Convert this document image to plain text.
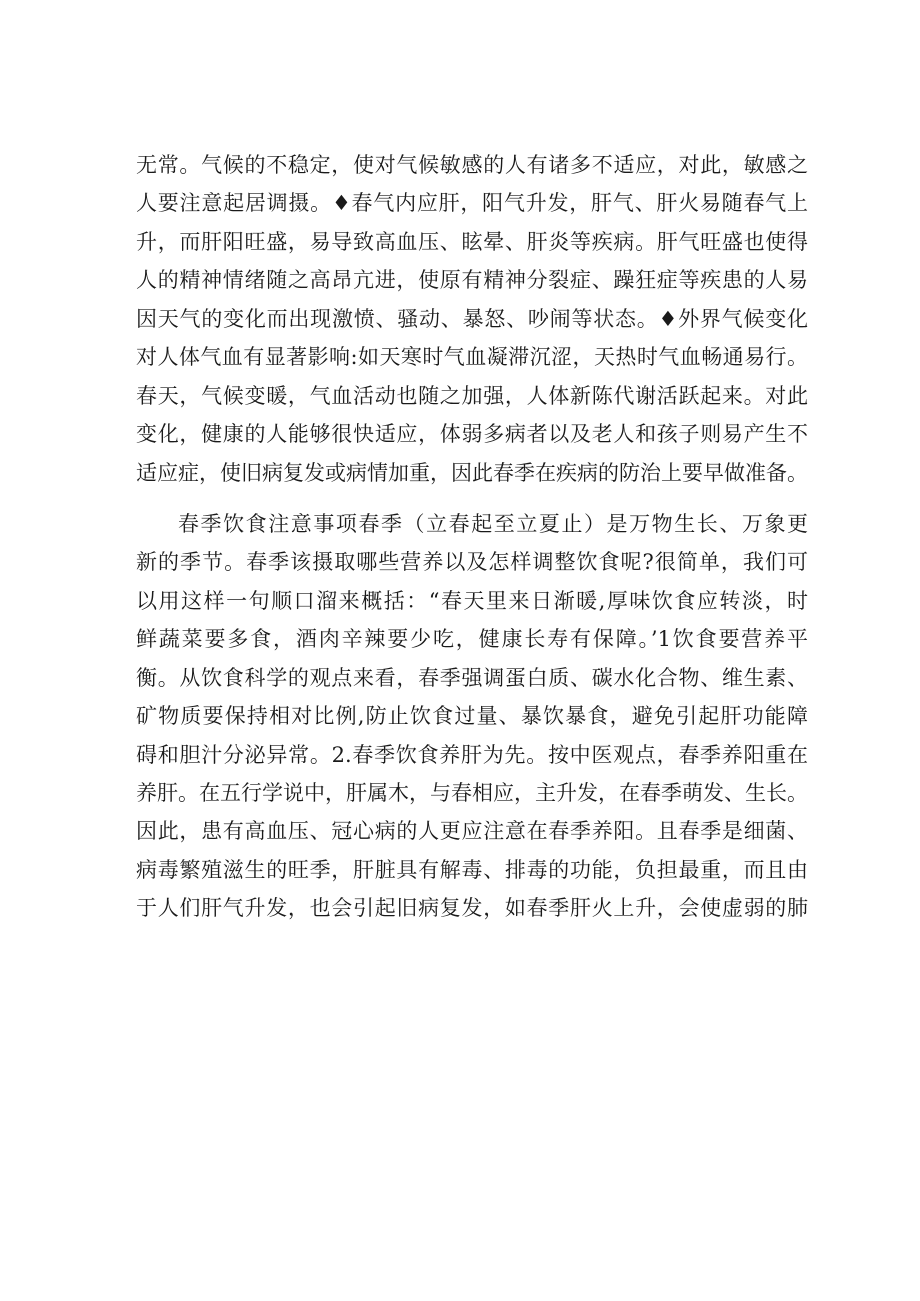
无常。气候的不稳定，使对气候敏感的人有诸多不适应，对此，敏感之
人要注意起居调摄。♦春气内应肝，阳气升发，肝气、肝火易随春气上
升，而肝阳旺盛，易导致高血压、眩晕、肝炎等疾病。肝气旺盛也使得
人的精神情绪随之高昂亢进，使原有精神分裂症、躁狂症等疾患的人易
因天气的变化而出现激愤、骚动、暴怒、吵闹等状态。♦外界气候变化
对人体气血有显著影响:如天寒时气血凝滞沉涩，天热时气血畅通易行。
春天，气候变暖，气血活动也随之加强，人体新陈代谢活跃起来。对此
变化，健康的人能够很快适应，体弱多病者以及老人和孩子则易产生不
适应症，使旧病复发或病情加重，因此春季在疾病的防治上要早做准备。
春季饮食注意事项春季（立春起至立夏止）是万物生长、万象更
新的季节。春季该摄取哪些营养以及怎样调整饮食呢?很简单，我们可
以用这样一句顺口溜来概括：“春天里来日渐暖,厚味饮食应转淡，时
鲜蔬菜要多食，酒肉辛辣要少吃，健康长寿有保障。’1饮食要营养平
衡。从饮食科学的观点来看，春季强调蛋白质、碳水化合物、维生素、
矿物质要保持相对比例,防止饮食过量、暴饮暴食，避免引起肝功能障
碍和胆汁分泌异常。2.春季饮食养肝为先。按中医观点，春季养阳重在
养肝。在五行学说中，肝属木，与春相应，主升发，在春季萌发、生长。
因此，患有高血压、冠心病的人更应注意在春季养阳。且春季是细菌、
病毒繁殖滋生的旺季，肝脏具有解毒、排毒的功能，负担最重，而且由
于人们肝气升发，也会引起旧病复发，如春季肝火上升，会使虚弱的肺
